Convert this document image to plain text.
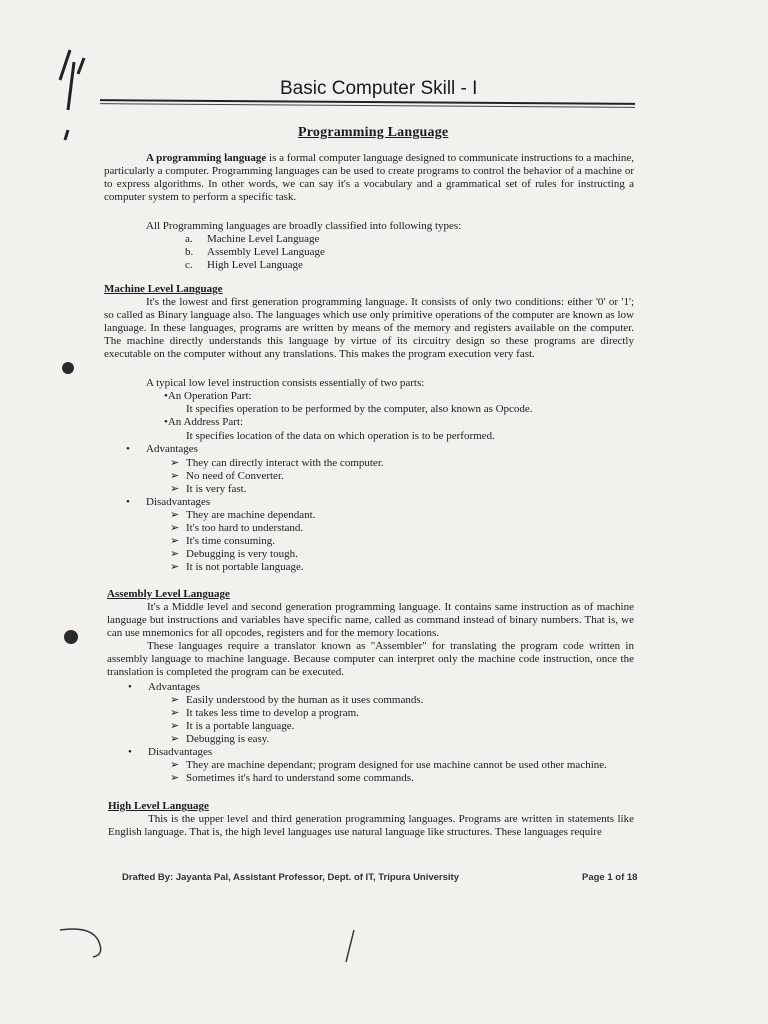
Basic Computer Skill - I
Programming Language
A programming language is a formal computer language designed to communicate instructions to a machine, particularly a computer. Programming languages can be used to create programs to control the behavior of a machine or to express algorithms. In other words, we can say it's a vocabulary and a grammatical set of rules for instructing a computer system to perform a specific task.
All Programming languages are broadly classified into following types:
a. Machine Level Language
b. Assembly Level Language
c. High Level Language
Machine Level Language
It's the lowest and first generation programming language. It consists of only two conditions: either '0' or '1'; so called as Binary language also. The languages which use only primitive operations of the computer are known as low language. In these languages, programs are written by means of the memory and registers available on the computer. The machine directly understands this language by virtue of its circuitry design so these programs are directly executable on the computer without any translations. This makes the program execution very fast.
A typical low level instruction consists essentially of two parts:
•An Operation Part:
It specifies operation to be performed by the computer, also known as Opcode.
•An Address Part:
It specifies location of the data on which operation is to be performed.
• Advantages
➢ They can directly interact with the computer.
➢ No need of Converter.
➢ It is very fast.
• Disadvantages
➢ They are machine dependant.
➢ It's too hard to understand.
➢ It's time consuming.
➢ Debugging is very tough.
➢ It is not portable language.
Assembly Level Language
It's a Middle level and second generation programming language. It contains same instruction as of machine language but instructions and variables have specific name, called as command instead of binary numbers. That is, we can use mnemonics for all opcodes, registers and for the memory locations.
These languages require a translator known as "Assembler" for translating the program code written in assembly language to machine language. Because computer can interpret only the machine code instruction, once the translation is completed the program can be executed.
• Advantages
➢ Easily understood by the human as it uses commands.
➢ It takes less time to develop a program.
➢ It is a portable language.
➢ Debugging is easy.
• Disadvantages
➢ They are machine dependant; program designed for use machine cannot be used other machine.
➢ Sometimes it's hard to understand some commands.
High Level Language
This is the upper level and third generation programming languages. Programs are written in statements like English language. That is, the high level languages use natural language like structures. These languages require
Drafted By: Jayanta Pal, Assistant Professor, Dept. of IT, Tripura University	Page 1 of 18
